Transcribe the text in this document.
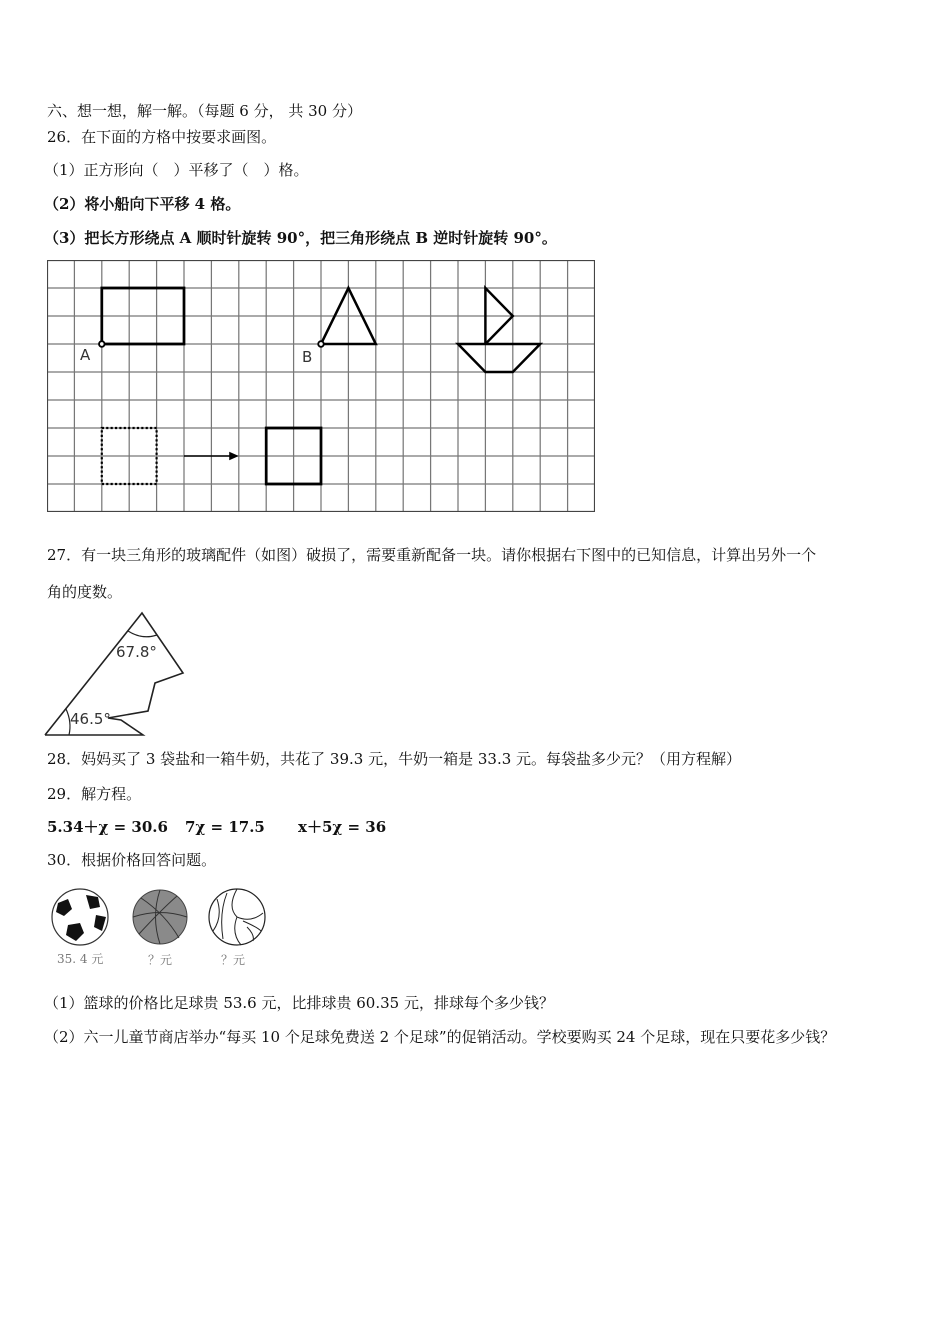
六、想一想，解一解。（每题 6 分， 共 30 分）
26．在下面的方格中按要求画图。
（1）正方形向（　）平移了（　）格。
（2）将小船向下平移 4 格。
（3）把长方形绕点 A 顺时针旋转 90°，把三角形绕点 B 逆时针旋转 90°。
A	B
27．有一块三角形的玻璃配件（如图）破损了，需要重新配备一块。请你根据右下图中的已知信息，计算出另外一个
角的度数。
67.8°
46.5°
28．妈妈买了 3 袋盐和一箱牛奶，共花了 39.3 元，牛奶一箱是 33.3 元。每袋盐多少元？（用方程解）
29．解方程。
5.34＋χ = 30.6 7χ = 17.5 x＋5χ = 36
30．根据价格回答问题。
35. 4 元	？元	？元
（1）篮球的价格比足球贵 53.6 元，比排球贵 60.35 元，排球每个多少钱？
（2）六一儿童节商店举办“每买 10 个足球免费送 2 个足球”的促销活动。学校要购买 24 个足球，现在只要花多少钱？
